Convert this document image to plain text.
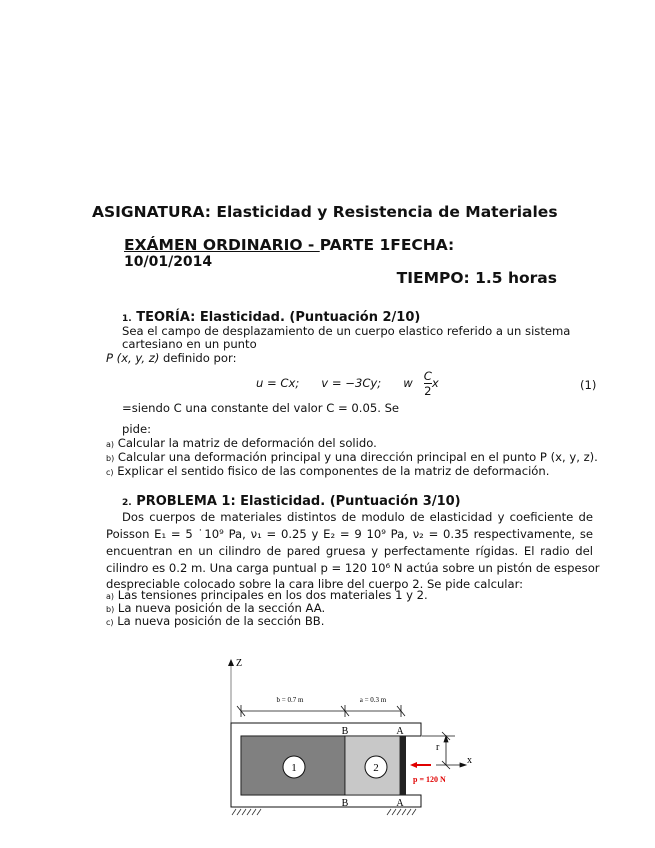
ASIGNATURA: Elasticidad y Resistencia de Materiales
EXÁMEN ORDINARIO - PARTE 1FECHA:
10/01/2014
TIEMPO: 1.5 horas
1. TEORÍA: Elasticidad. (Puntuación 2/10)
Sea el campo de desplazamiento de un cuerpo elastico referido a un sistema
cartesiano en un punto
P (x, y, z) definido por:
u = Cx; v = −3Cy; w $\frac{C}{2}$ x	(1)
=siendo C una constante del valor C = 0.05. Se
pide:
a) Calcular la matriz de deformación del solido.
b) Calcular una deformación principal y una dirección principal en el punto P (x, y, z).
c) Explicar el sentido fisico de las componentes de la matriz de deformación.
2. PROBLEMA 1: Elasticidad. (Puntuación 3/10)
Dos cuerpos de materiales distintos de modulo de elasticidad y coeficiente de
Poisson E₁ = 5 ˙10⁹ Pa, ν₁ = 0.25 y E₂ = 9 10⁹ Pa, ν₂ = 0.35 respectivamente, se
encuentran en un cilindro de pared gruesa y perfectamente rígidas. El radio del
cilindro es 0.2 m. Una carga puntual p = 120 10⁶ N actúa sobre un pistón de espesor
despreciable colocado sobre la cara libre del cuerpo 2. Se pide calcular:
a) Las tensiones principales en los dos materiales 1 y 2.
b) La nueva posición de la sección AA.
c) La nueva posición de la sección BB.
Z
b = 0.7 m	a = 0.3 m
1	2
B
B
A
A
r
x
p = 120 N
